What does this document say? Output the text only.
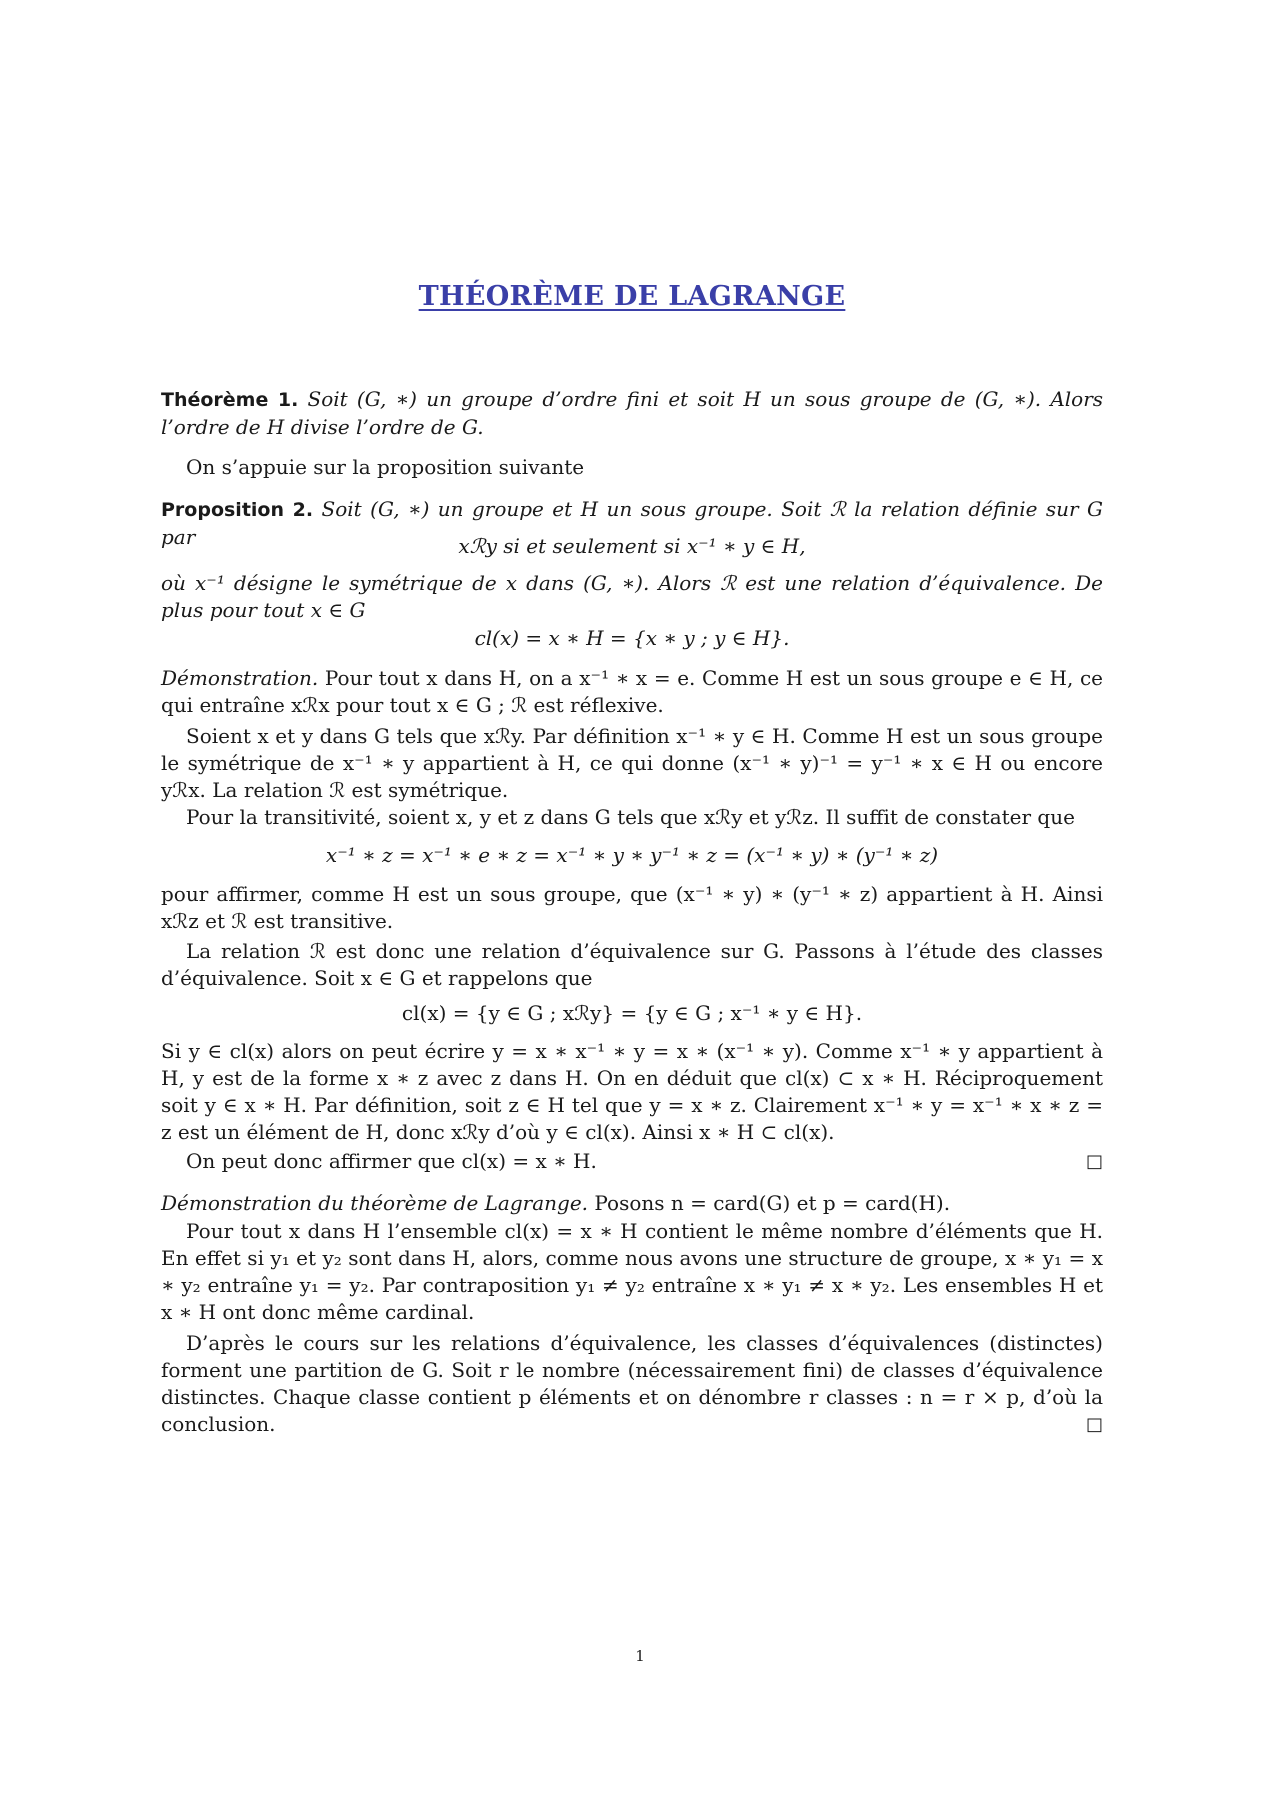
THÉORÈME DE LAGRANGE
Théorème 1. Soit (G, ∗) un groupe d’ordre fini et soit H un sous groupe de (G, ∗). Alors l’ordre de H divise l’ordre de G.
On s’appuie sur la proposition suivante
Proposition 2. Soit (G, ∗) un groupe et H un sous groupe. Soit ℛ la relation définie sur G par	xℛy si et seulement si x⁻¹ ∗ y ∈ H,
où x⁻¹ désigne le symétrique de x dans (G, ∗). Alors ℛ est une relation d’équivalence. De plus pour tout x ∈ G
cl(x) = x ∗ H = {x ∗ y ; y ∈ H}.
Démonstration. Pour tout x dans H, on a x⁻¹ ∗ x = e. Comme H est un sous groupe e ∈ H, ce qui entraîne xℛx pour tout x ∈ G ; ℛ est réflexive.
Soient x et y dans G tels que xℛy. Par définition x⁻¹ ∗ y ∈ H. Comme H est un sous groupe le symétrique de x⁻¹ ∗ y appartient à H, ce qui donne (x⁻¹ ∗ y)⁻¹ = y⁻¹ ∗ x ∈ H ou encore yℛx. La relation ℛ est symétrique.
Pour la transitivité, soient x, y et z dans G tels que xℛy et yℛz. Il suffit de constater que
x⁻¹ ∗ z = x⁻¹ ∗ e ∗ z = x⁻¹ ∗ y ∗ y⁻¹ ∗ z = (x⁻¹ ∗ y) ∗ (y⁻¹ ∗ z)
pour affirmer, comme H est un sous groupe, que (x⁻¹ ∗ y) ∗ (y⁻¹ ∗ z) appartient à H. Ainsi xℛz et ℛ est transitive.
La relation ℛ est donc une relation d’équivalence sur G. Passons à l’étude des classes d’équivalence. Soit x ∈ G et rappelons que
cl(x) = {y ∈ G ; xℛy} = {y ∈ G ; x⁻¹ ∗ y ∈ H}.
Si y ∈ cl(x) alors on peut écrire y = x ∗ x⁻¹ ∗ y = x ∗ (x⁻¹ ∗ y). Comme x⁻¹ ∗ y appartient à H, y est de la forme x ∗ z avec z dans H. On en déduit que cl(x) ⊂ x ∗ H. Réciproquement soit y ∈ x ∗ H. Par définition, soit z ∈ H tel que y = x ∗ z. Clairement x⁻¹ ∗ y = x⁻¹ ∗ x ∗ z = z est un élément de H, donc xℛy d’où y ∈ cl(x). Ainsi x ∗ H ⊂ cl(x).
On peut donc affirmer que cl(x) = x ∗ H.	□
Démonstration du théorème de Lagrange. Posons n = card(G) et p = card(H).
Pour tout x dans H l’ensemble cl(x) = x ∗ H contient le même nombre d’éléments que H. En effet si y₁ et y₂ sont dans H, alors, comme nous avons une structure de groupe, x ∗ y₁ = x ∗ y₂ entraîne y₁ = y₂. Par contraposition y₁ ≠ y₂ entraîne x ∗ y₁ ≠ x ∗ y₂. Les ensembles H et x ∗ H ont donc même cardinal.
D’après le cours sur les relations d’équivalence, les classes d’équivalences (distinctes) forment une partition de G. Soit r le nombre (nécessairement fini) de classes d’équivalence distinctes. Chaque classe contient p éléments et on dénombre r classes : n = r × p, d’où la conclusion.	□
1
